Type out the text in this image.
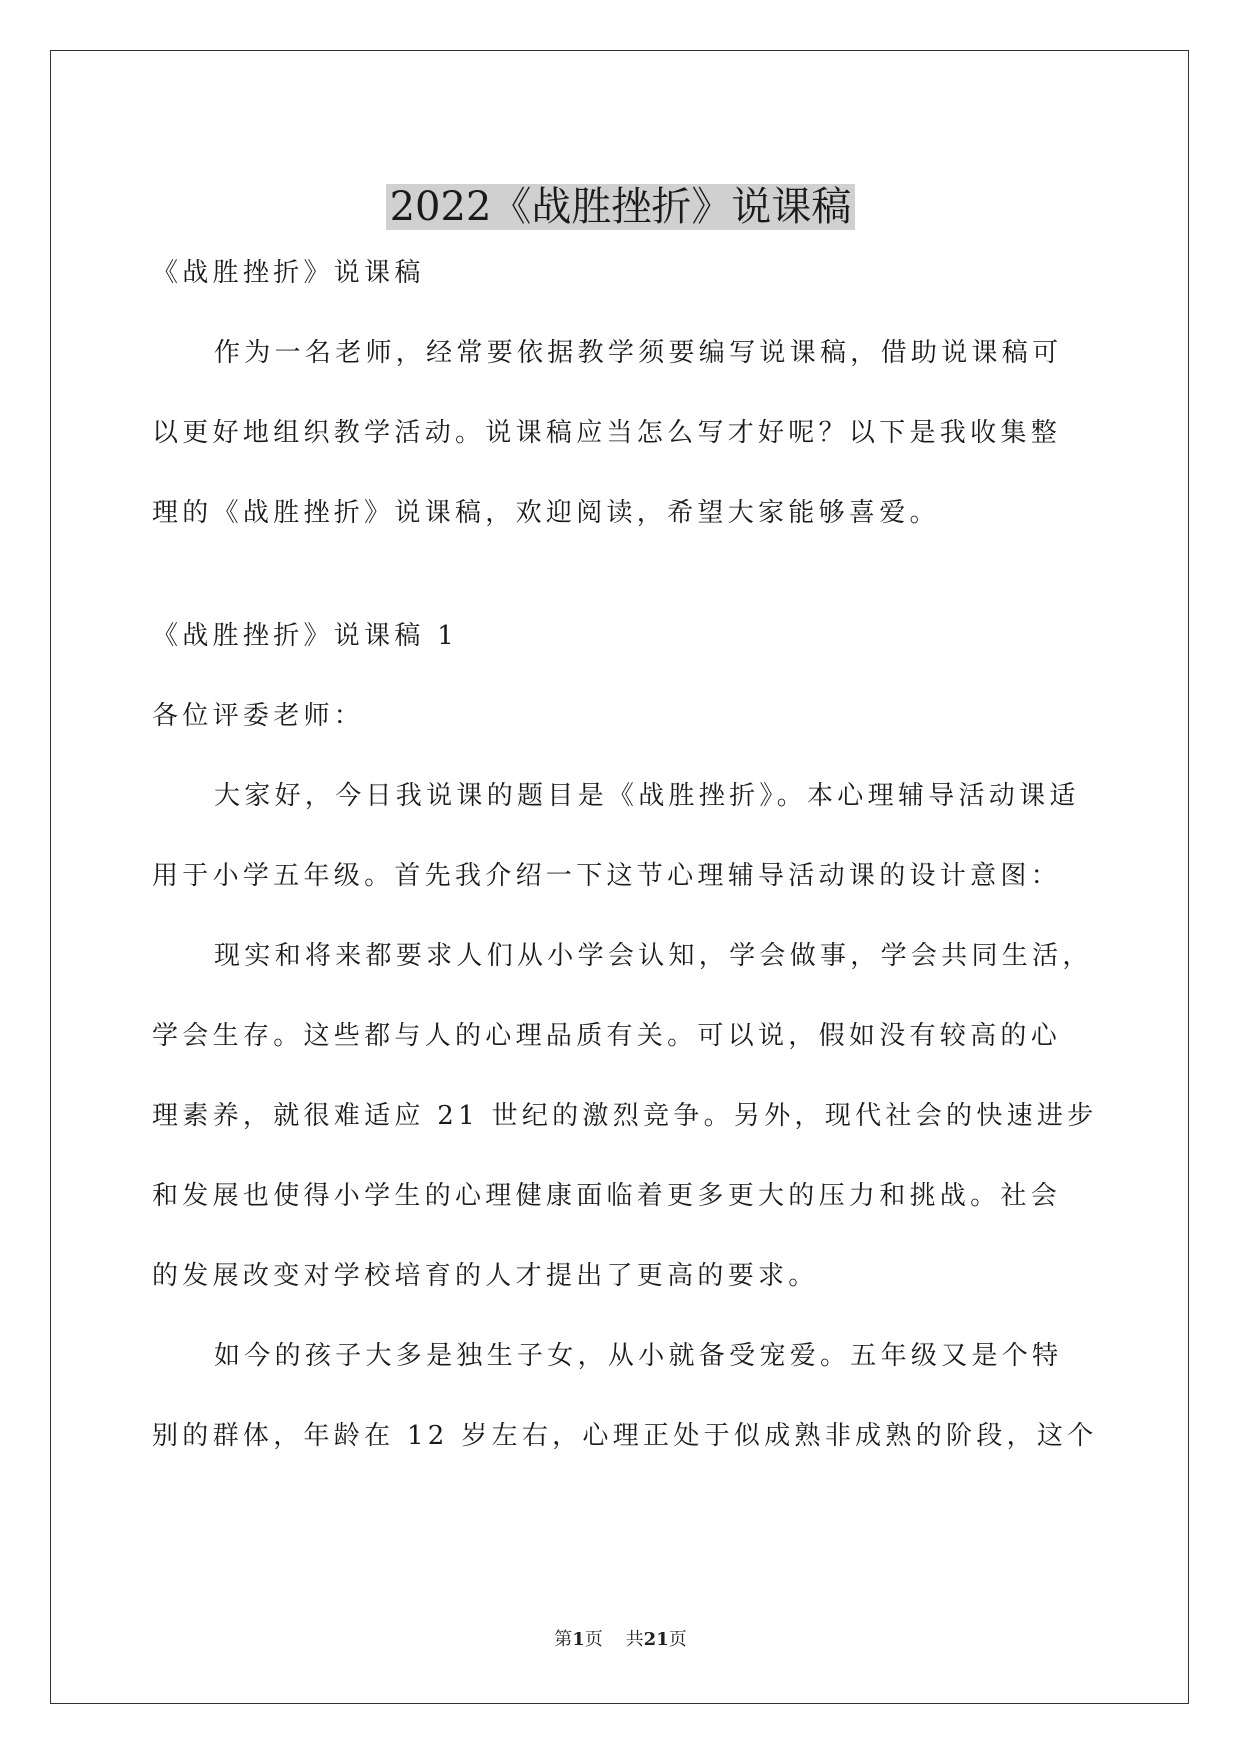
2022《战胜挫折》说课稿
《战胜挫折》说课稿
作为一名老师，经常要依据教学须要编写说课稿，借助说课稿可
以更好地组织教学活动。说课稿应当怎么写才好呢？以下是我收集整
理的《战胜挫折》说课稿，欢迎阅读，希望大家能够喜爱。
《战胜挫折》说课稿 1
各位评委老师：
大家好，今日我说课的题目是《战胜挫折》。本心理辅导活动课适
用于小学五年级。首先我介绍一下这节心理辅导活动课的设计意图：
现实和将来都要求人们从小学会认知，学会做事，学会共同生活，
学会生存。这些都与人的心理品质有关。可以说，假如没有较高的心
理素养，就很难适应 21 世纪的激烈竞争。另外，现代社会的快速进步
和发展也使得小学生的心理健康面临着更多更大的压力和挑战。社会
的发展改变对学校培育的人才提出了更高的要求。
如今的孩子大多是独生子女，从小就备受宠爱。五年级又是个特
别的群体，年龄在 12 岁左右，心理正处于似成熟非成熟的阶段，这个
第1页 共21页
